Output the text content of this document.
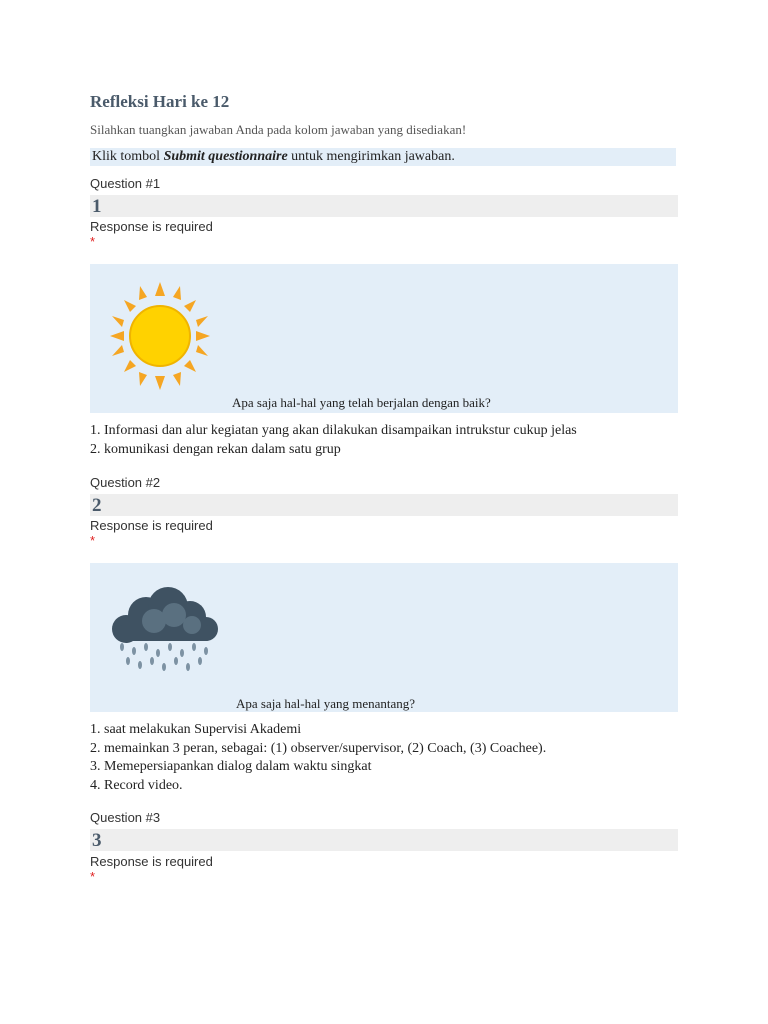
Refleksi Hari ke 12
Silahkan tuangkan jawaban Anda pada kolom jawaban yang disediakan!
Klik tombol Submit questionnaire untuk mengirimkan jawaban.
Question #1
1
Response is required
*
Apa saja hal-hal yang telah berjalan dengan baik?
1. Informasi dan alur kegiatan yang akan dilakukan disampaikan intrukstur cukup jelas
2. komunikasi dengan rekan dalam satu grup
Question #2
2
Response is required
*
Apa saja hal-hal yang menantang?
1. saat melakukan Supervisi Akademi
2. memainkan 3 peran, sebagai: (1) observer/supervisor, (2) Coach, (3) Coachee).
3. Memepersiapankan dialog dalam waktu singkat
4. Record video.
Question #3
3
Response is required
*
